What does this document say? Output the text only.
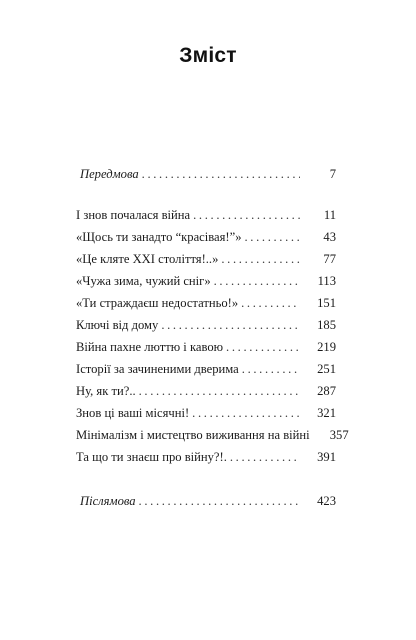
Зміст
Передмова . . .	7
І знов почалася війна . . .	11
«Щось ти занадто “красівая!”» . . .	43
«Це кляте ХХІ століття!..» . . .	77
«Чужа зима, чужий сніг» . . .	113
«Ти страждаєш недостатньо!» . . .	151
Ключі від дому . . .	185
Війна пахне люттю і кавою . . .	219
Історії за зачиненими дверима . . .	251
Ну, як ти?.. . . .	287
Знов ці ваші місячні! . . .	321
Мінімалізм і мистецтво виживання на війні	357
Та що ти знаєш про війну?!. . . .	391
Післямова . . .	423
